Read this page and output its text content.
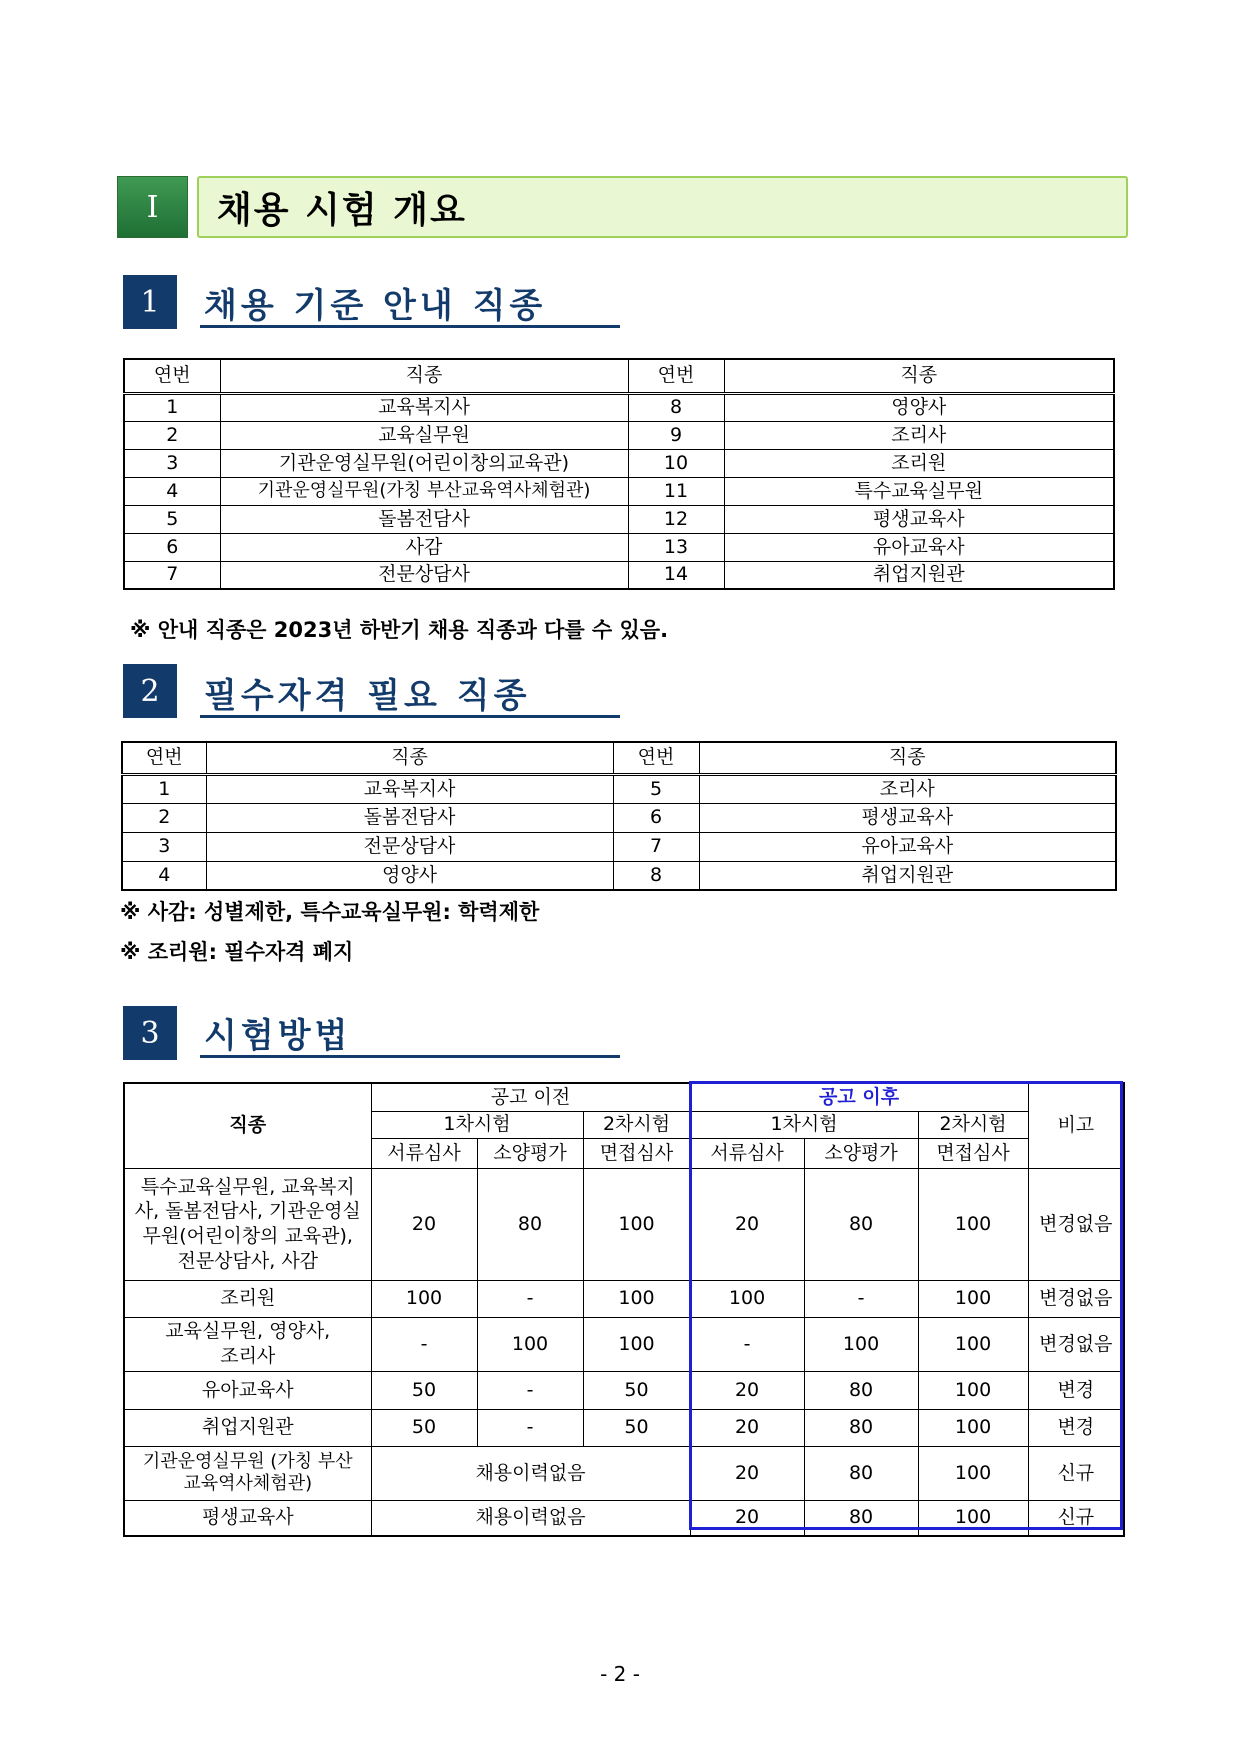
Ⅰ	채용 시험 개요
1	채용 기준 안내 직종
연번	직종	연번	직종
1	교육복지사	8	영양사
2	교육실무원	9	조리사
3	기관운영실무원(어린이창의교육관)	10	조리원
4	기관운영실무원(가칭 부산교육역사체험관)	11	특수교육실무원
5	돌봄전담사	12	평생교육사
6	사감	13	유아교육사
7	전문상담사	14	취업지원관
※ 안내 직종은 2023년 하반기 채용 직종과 다를 수 있음.
2	필수자격 필요 직종
연번	직종	연번	직종
1	교육복지사	5	조리사
2	돌봄전담사	6	평생교육사
3	전문상담사	7	유아교육사
4	영양사	8	취업지원관
※ 사감: 성별제한, 특수교육실무원: 학력제한
※ 조리원: 필수자격 폐지
3	시험방법
직종	공고 이전			공고 이후			비고
	1차시험		2차시험	1차시험		2차시험	
	서류심사	소양평가	면접심사	서류심사	소양평가	면접심사	
특수교육실무원, 교육복지사, 돌봄전담사, 기관운영실무원(어린이창의 교육관), 전문상담사, 사감	20	80	100	20	80	100	변경없음
조리원	100	-	100	100	-	100	변경없음
교육실무원, 영양사, 조리사	-	100	100	-	100	100	변경없음
유아교육사	50	-	50	20	80	100	변경
취업지원관	50	-	50	20	80	100	변경
기관운영실무원 (가칭 부산교육역사체험관)	채용이력없음			20	80	100	신규
평생교육사	채용이력없음			20	80	100	신규
- 2 -
